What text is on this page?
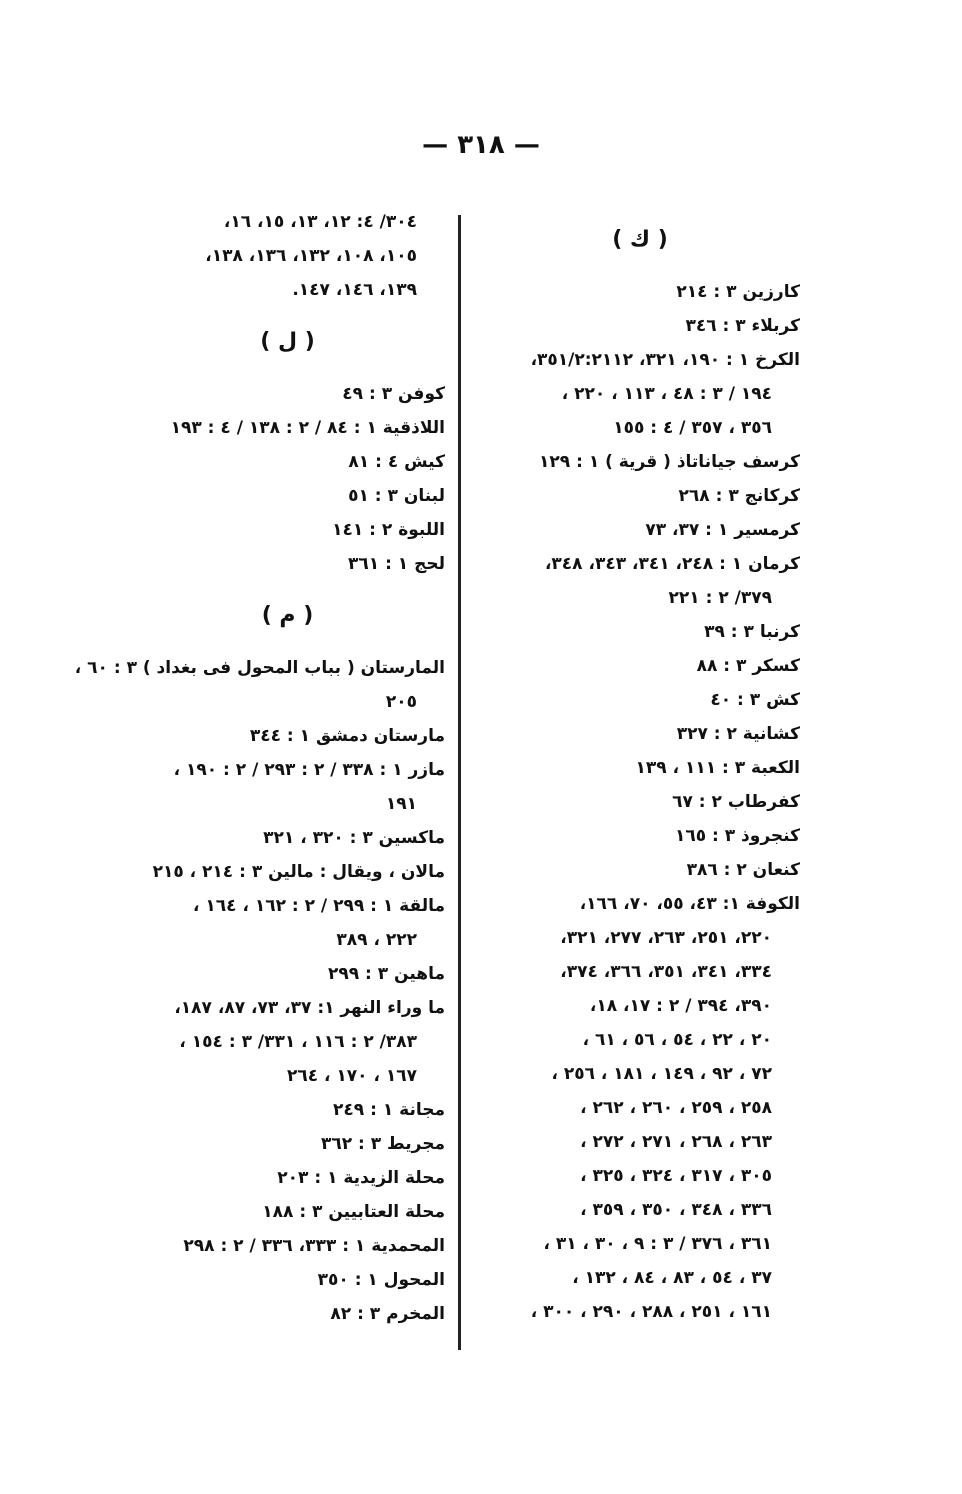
— ٣١٨ —
( ك )
كارزين ٣ : ٢١٤
كربلاء ٣ : ٣٤٦
الكرخ ١ : ١٩٠، ٣٢١، ٣٥١/٢:٢١١٢،
١٩٤ / ٣ : ٤٨ ، ١١٣ ، ٢٢٠ ،
٣٥٦ ، ٣٥٧ / ٤ : ١٥٥
كرسف جياناتاذ ( قرية ) ١ : ١٢٩
كركانج ٣ : ٢٦٨
كرمسير ١ : ٣٧، ٧٣
كرمان ١ : ٢٤٨، ٣٤١، ٣٤٣، ٣٤٨،
٣٧٩/ ٢ : ٢٢١
كرنبا ٣ : ٣٩
كسكر ٣ : ٨٨
كش ٣ : ٤٠
كشانية ٢ : ٣٢٧
الكعبة ٣ : ١١١ ، ١٣٩
كفرطاب ٢ : ٦٧
كنجروذ ٣ : ١٦٥
كنعان ٢ : ٣٨٦
الكوفة ١: ٤٣، ٥٥، ٧٠، ١٦٦،
٢٢٠، ٢٥١، ٢٦٣، ٢٧٧، ٣٢١،
٣٣٤، ٣٤١، ٣٥١، ٣٦٦، ٣٧٤،
٣٩٠، ٣٩٤ / ٢ : ١٧، ١٨،
٢٠ ، ٢٢ ، ٥٤ ، ٥٦ ، ٦١ ،
٧٢ ، ٩٢ ، ١٤٩ ، ١٨١ ، ٢٥٦ ،
٢٥٨ ، ٢٥٩ ، ٢٦٠ ، ٢٦٢ ،
٢٦٣ ، ٢٦٨ ، ٢٧١ ، ٢٧٢ ،
٣٠٥ ، ٣١٧ ، ٣٢٤ ، ٣٢٥ ،
٣٣٦ ، ٣٤٨ ، ٣٥٠ ، ٣٥٩ ،
٣٦١ ، ٣٧٦ / ٣ : ٩ ، ٣٠ ، ٣١ ،
٣٧ ، ٥٤ ، ٨٣ ، ٨٤ ، ١٣٢ ،
١٦١ ، ٢٥١ ، ٢٨٨ ، ٢٩٠ ، ٣٠٠ ،
٣٠٤/ ٤: ١٢، ١٣، ١٥، ١٦،
١٠٥، ١٠٨، ١٣٢، ١٣٦، ١٣٨،
١٣٩، ١٤٦، ١٤٧.
( ل )
كوفن ٣ : ٤٩
اللاذقية ١ : ٨٤ / ٢ : ١٣٨ / ٤ : ١٩٣
كيش ٤ : ٨١
لبنان ٣ : ٥١
اللبوة ٢ : ١٤١
لحج ١ : ٣٦١
( م )
المارستان ( بباب المحول فى بغداد ) ٣ : ٦٠ ،
٢٠٥
مارستان دمشق ١ : ٣٤٤
مازر ١ : ٣٣٨ / ٢ : ٢٩٣ / ٢ : ١٩٠ ،
١٩١
ماكسين ٣ : ٣٢٠ ، ٣٢١
مالان ، ويقال : مالين ٣ : ٢١٤ ، ٢١٥
مالقة ١ : ٢٩٩ / ٢ : ١٦٢ ، ١٦٤ ،
٢٢٢ ، ٣٨٩
ماهين ٣ : ٢٩٩
ما وراء النهر ١: ٣٧، ٧٣، ٨٧، ١٨٧،
٣٨٣/ ٢ : ١١٦ ، ٣٣١/ ٣ : ١٥٤ ،
١٦٧ ، ١٧٠ ، ٢٦٤
مجانة ١ : ٢٤٩
مجريط ٣ : ٣٦٢
محلة الزيدية ١ : ٢٠٣
محلة العتابيين ٣ : ١٨٨
المحمدية ١ : ٣٣٣، ٣٣٦ / ٢ : ٢٩٨
المحول ١ : ٣٥٠
المخرم ٣ : ٨٢
